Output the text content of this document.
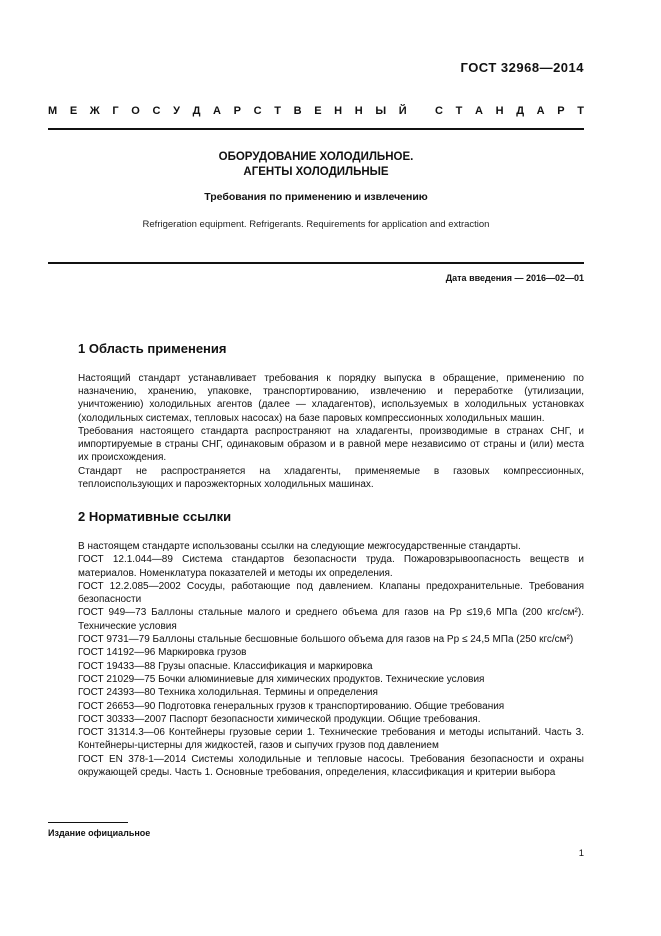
ГОСТ 32968—2014
М Е Ж Г О С У Д А Р С Т В Е Н Н Ы Й
	С Т А Н Д А Р Т
ОБОРУДОВАНИЕ ХОЛОДИЛЬНОЕ.
АГЕНТЫ ХОЛОДИЛЬНЫЕ
Требования по применению и извлечению
Refrigeration equipment. Refrigerants. Requirements for application and extraction
Дата введения — 2016—02—01
1 Область применения
Настоящий стандарт устанавливает требования к порядку выпуска в обращение, применению по назначению, хранению, упаковке, транспортированию, извлечению и переработке (утилизации, уничтожению) холодильных агентов (далее — хладагентов), используемых в холодильных установках (холодильных системах, тепловых насосах) на базе паровых компрессионных холодильных машин.
Требования настоящего стандарта распространяют на хладагенты, производимые в странах СНГ, и импортируемые в страны СНГ, одинаковым образом и в равной мере независимо от страны и (или) места их происхождения.
Стандарт не распространяется на хладагенты, применяемые в газовых компрессионных, теплоиспользующих и пароэжекторных холодильных машинах.
2 Нормативные ссылки
В настоящем стандарте использованы ссылки на следующие межгосударственные стандарты.
ГОСТ 12.1.044—89 Система стандартов безопасности труда. Пожаровзрывоопасность веществ и материалов. Номенклатура показателей и методы их определения.
ГОСТ 12.2.085—2002 Сосуды, работающие под давлением. Клапаны предохранительные. Требования безопасности
ГОСТ 949—73 Баллоны стальные малого и среднего объема для газов на Pp ≤19,6 МПа (200 кгс/см²). Технические условия
ГОСТ 9731—79 Баллоны стальные бесшовные большого объема для газов на Pp ≤ 24,5 МПа (250 кгс/см²)
ГОСТ 14192—96 Маркировка грузов
ГОСТ 19433—88 Грузы опасные. Классификация и маркировка
ГОСТ 21029—75 Бочки алюминиевые для химических продуктов. Технические условия
ГОСТ 24393—80 Техника холодильная. Термины и определения
ГОСТ 26653—90 Подготовка генеральных грузов к транспортированию. Общие требования
ГОСТ 30333—2007 Паспорт безопасности химической продукции. Общие требования.
ГОСТ 31314.3—06 Контейнеры грузовые серии 1. Технические требования и методы испытаний. Часть 3. Контейнеры-цистерны для жидкостей, газов и сыпучих грузов под давлением
ГОСТ EN 378-1—2014 Системы холодильные и тепловые насосы. Требования безопасности и охраны окружающей среды. Часть 1. Основные требования, определения, классификация и критерии выбора
Издание официальное
1
